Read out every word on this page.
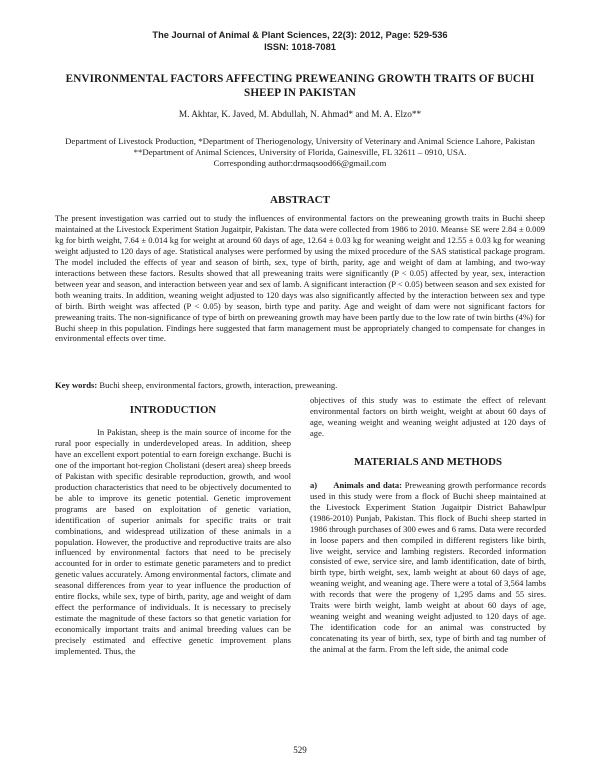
The Journal of Animal & Plant Sciences, 22(3): 2012, Page: 529-536
ISSN: 1018-7081
ENVIRONMENTAL FACTORS AFFECTING PREWEANING GROWTH TRAITS OF BUCHI SHEEP IN PAKISTAN
M. Akhtar, K. Javed, M. Abdullah, N. Ahmad* and M. A. Elzo**
Department of Livestock Production, *Department of Theriogenology, University of Veterinary and Animal Science Lahore, Pakistan
**Department of Animal Sciences, University of Florida, Gainesville, FL 32611 – 0910, USA.
Corresponding author:drmaqsood66@gmail.com
ABSTRACT

The present investigation was carried out to study the influences of environmental factors on the preweaning growth traits in Buchi sheep maintained at the Livestock Experiment Station Jugaitpir, Pakistan. The data were collected from 1986 to 2010. Means± SE were 2.84 ± 0.009 kg for birth weight, 7.64 ± 0.014 kg for weight at around 60 days of age, 12.64 ± 0.03 kg for weaning weight and 12.55 ± 0.03 kg for weaning weight adjusted to 120 days of age. Statistical analyses were performed by using the mixed procedure of the SAS statistical package program. The model included the effects of year and season of birth, sex, type of birth, parity, age and weight of dam at lambing, and two-way interactions between these factors. Results showed that all preweaning traits were significantly (P < 0.05) affected by year, sex, interaction between year and season, and interaction between year and sex of lamb. A significant interaction (P < 0.05) between season and sex existed for both weaning traits. In addition, weaning weight adjusted to 120 days was also significantly affected by the interaction between sex and type of birth. Birth weight was affected (P < 0.05) by season, birth type and parity. Age and weight of dam were not significant factors for preweaning traits. The non-significance of type of birth on preweaning growth may have been partly due to the low rate of twin births (4%) for Buchi sheep in this population. Findings here suggested that farm management must be appropriately changed to compensate for changes in environmental effects over time.

Key words: Buchi sheep, environmental factors, growth, interaction, preweaning.

INTRODUCTION

In Pakistan, sheep is the main source of income for the rural poor especially in underdeveloped areas. In addition, sheep have an excellent export potential to earn foreign exchange. Buchi is one of the important hot-region Cholistani (desert area) sheep breeds of Pakistan with specific desirable reproduction, growth, and wool production characteristics that need to be objectively documented to be able to improve its genetic potential. Genetic improvement programs are based on exploitation of genetic variation, identification of superior animals for specific traits or trait combinations, and widespread utilization of these animals in a population. However, the productive and reproductive traits are also influenced by environmental factors that need to be precisely accounted for in order to estimate genetic parameters and to predict genetic values accurately. Among environmental factors, climate and seasonal differences from year to year influence the production of entire flocks, while sex, type of birth, parity, age and weight of dam effect the performance of individuals. It is necessary to precisely estimate the magnitude of these factors so that genetic variation for economically important traits and animal breeding values can be precisely estimated and effective genetic improvement plans implemented. Thus, the

objectives of this study was to estimate the effect of relevant environmental factors on birth weight, weight at about 60 days of age, weaning weight and weaning weight adjusted at 120 days of age.

MATERIALS AND METHODS

a)      Animals and data: Preweaning growth performance records used in this study were from a flock of Buchi sheep maintained at the Livestock Experiment Station Jugaitpir District Bahawlpur (1986-2010) Punjab, Pakistan. This flock of Buchi sheep started in 1986 through purchases of 300 ewes and 6 rams. Data were recorded in loose papers and then compiled in different registers like birth, live weight, service and lambing registers. Recorded information consisted of ewe, service sire, and lamb identification, date of birth, birth type, birth weight, sex, lamb weight at about 60 days of age, weaning weight, and weaning age. There were a total of 3,564 lambs with records that were the progeny of 1,295 dams and 55 sires. Traits were birth weight, lamb weight at about 60 days of age, weaning weight and weaning weight adjusted to 120 days of age. The identification code for an animal was constructed by concatenating its year of birth, sex, type of birth and tag number of the animal at the farm. From the left side, the animal code

529
